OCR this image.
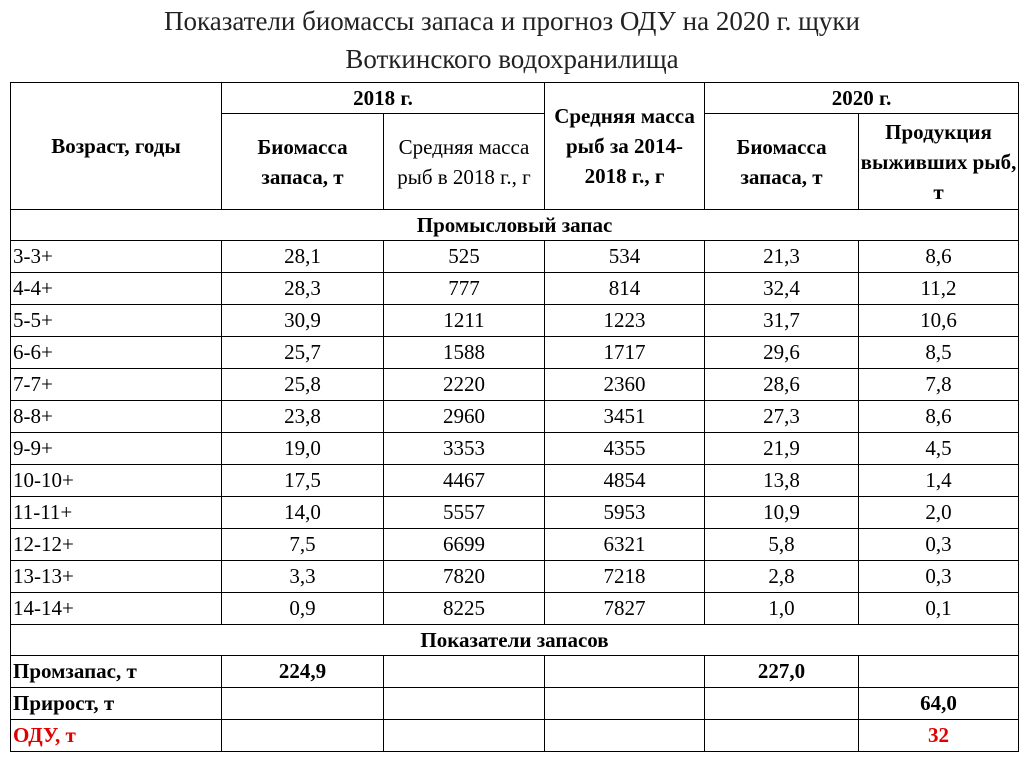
Показатели биомассы запаса и прогноз ОДУ на 2020 г. щуки
Воткинского водохранилища
Возраст, годы	2018 г.		Средняя масса рыб за 2014- 2018 г., г	2020 г.	
	Биомасса запаса, т	Средняя масса рыб в 2018 г., г		Биомасса запаса, т	Продукция выживших рыб, т
Промысловый запас					
3-3+	28,1	525	534	21,3	8,6
4-4+	28,3	777	814	32,4	11,2
5-5+	30,9	1211	1223	31,7	10,6
6-6+	25,7	1588	1717	29,6	8,5
7-7+	25,8	2220	2360	28,6	7,8
8-8+	23,8	2960	3451	27,3	8,6
9-9+	19,0	3353	4355	21,9	4,5
10-10+	17,5	4467	4854	13,8	1,4
11-11+	14,0	5557	5953	10,9	2,0
12-12+	7,5	6699	6321	5,8	0,3
13-13+	3,3	7820	7218	2,8	0,3
14-14+	0,9	8225	7827	1,0	0,1
Показатели запасов					
Промзапас, т	224,9			227,0	
Прирост, т					64,0
ОДУ, т					32
